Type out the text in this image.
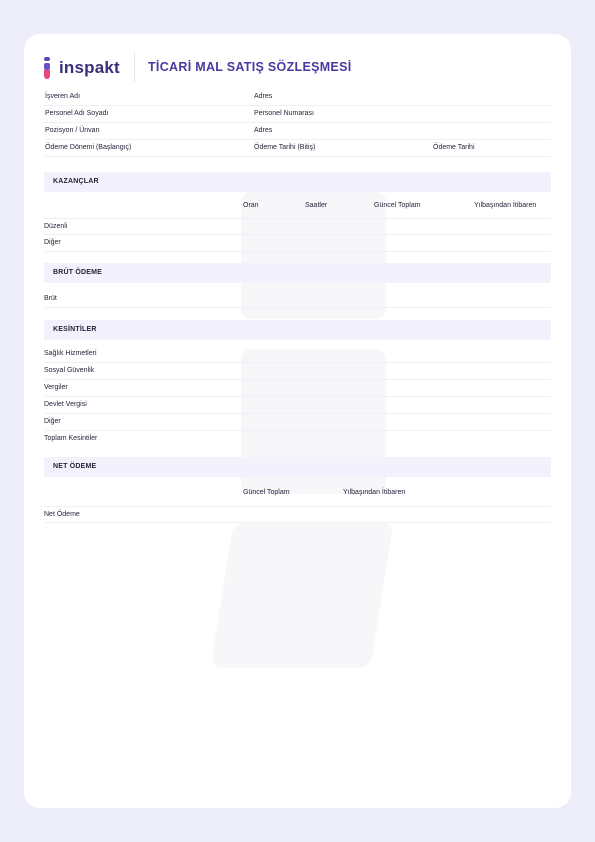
inspakt TİCARİ MAL SATIŞ SÖZLEŞMESİ
İşveren Adı	Adres
Personel Adı Soyadı	Personel Numarası
Pozisyon / Ünvan	Adres
Ödeme Dönemi (Başlangıç)	Ödeme Tarihi (Bitiş)	Ödeme Tarihi
KAZANÇLAR
Oran	Saatler	Güncel Toplam	Yılbaşından İtibaren
Düzenli
Diğer
BRÜT ÖDEME
Brüt
KESİNTİLER
Sağlık Hizmetleri
Sosyal Güvenlik
Vergiler
Devlet Vergisi
Diğer
Toplam Kesintiler
NET ÖDEME
Güncel Toplam	Yılbaşından İtibaren
Net Ödeme
